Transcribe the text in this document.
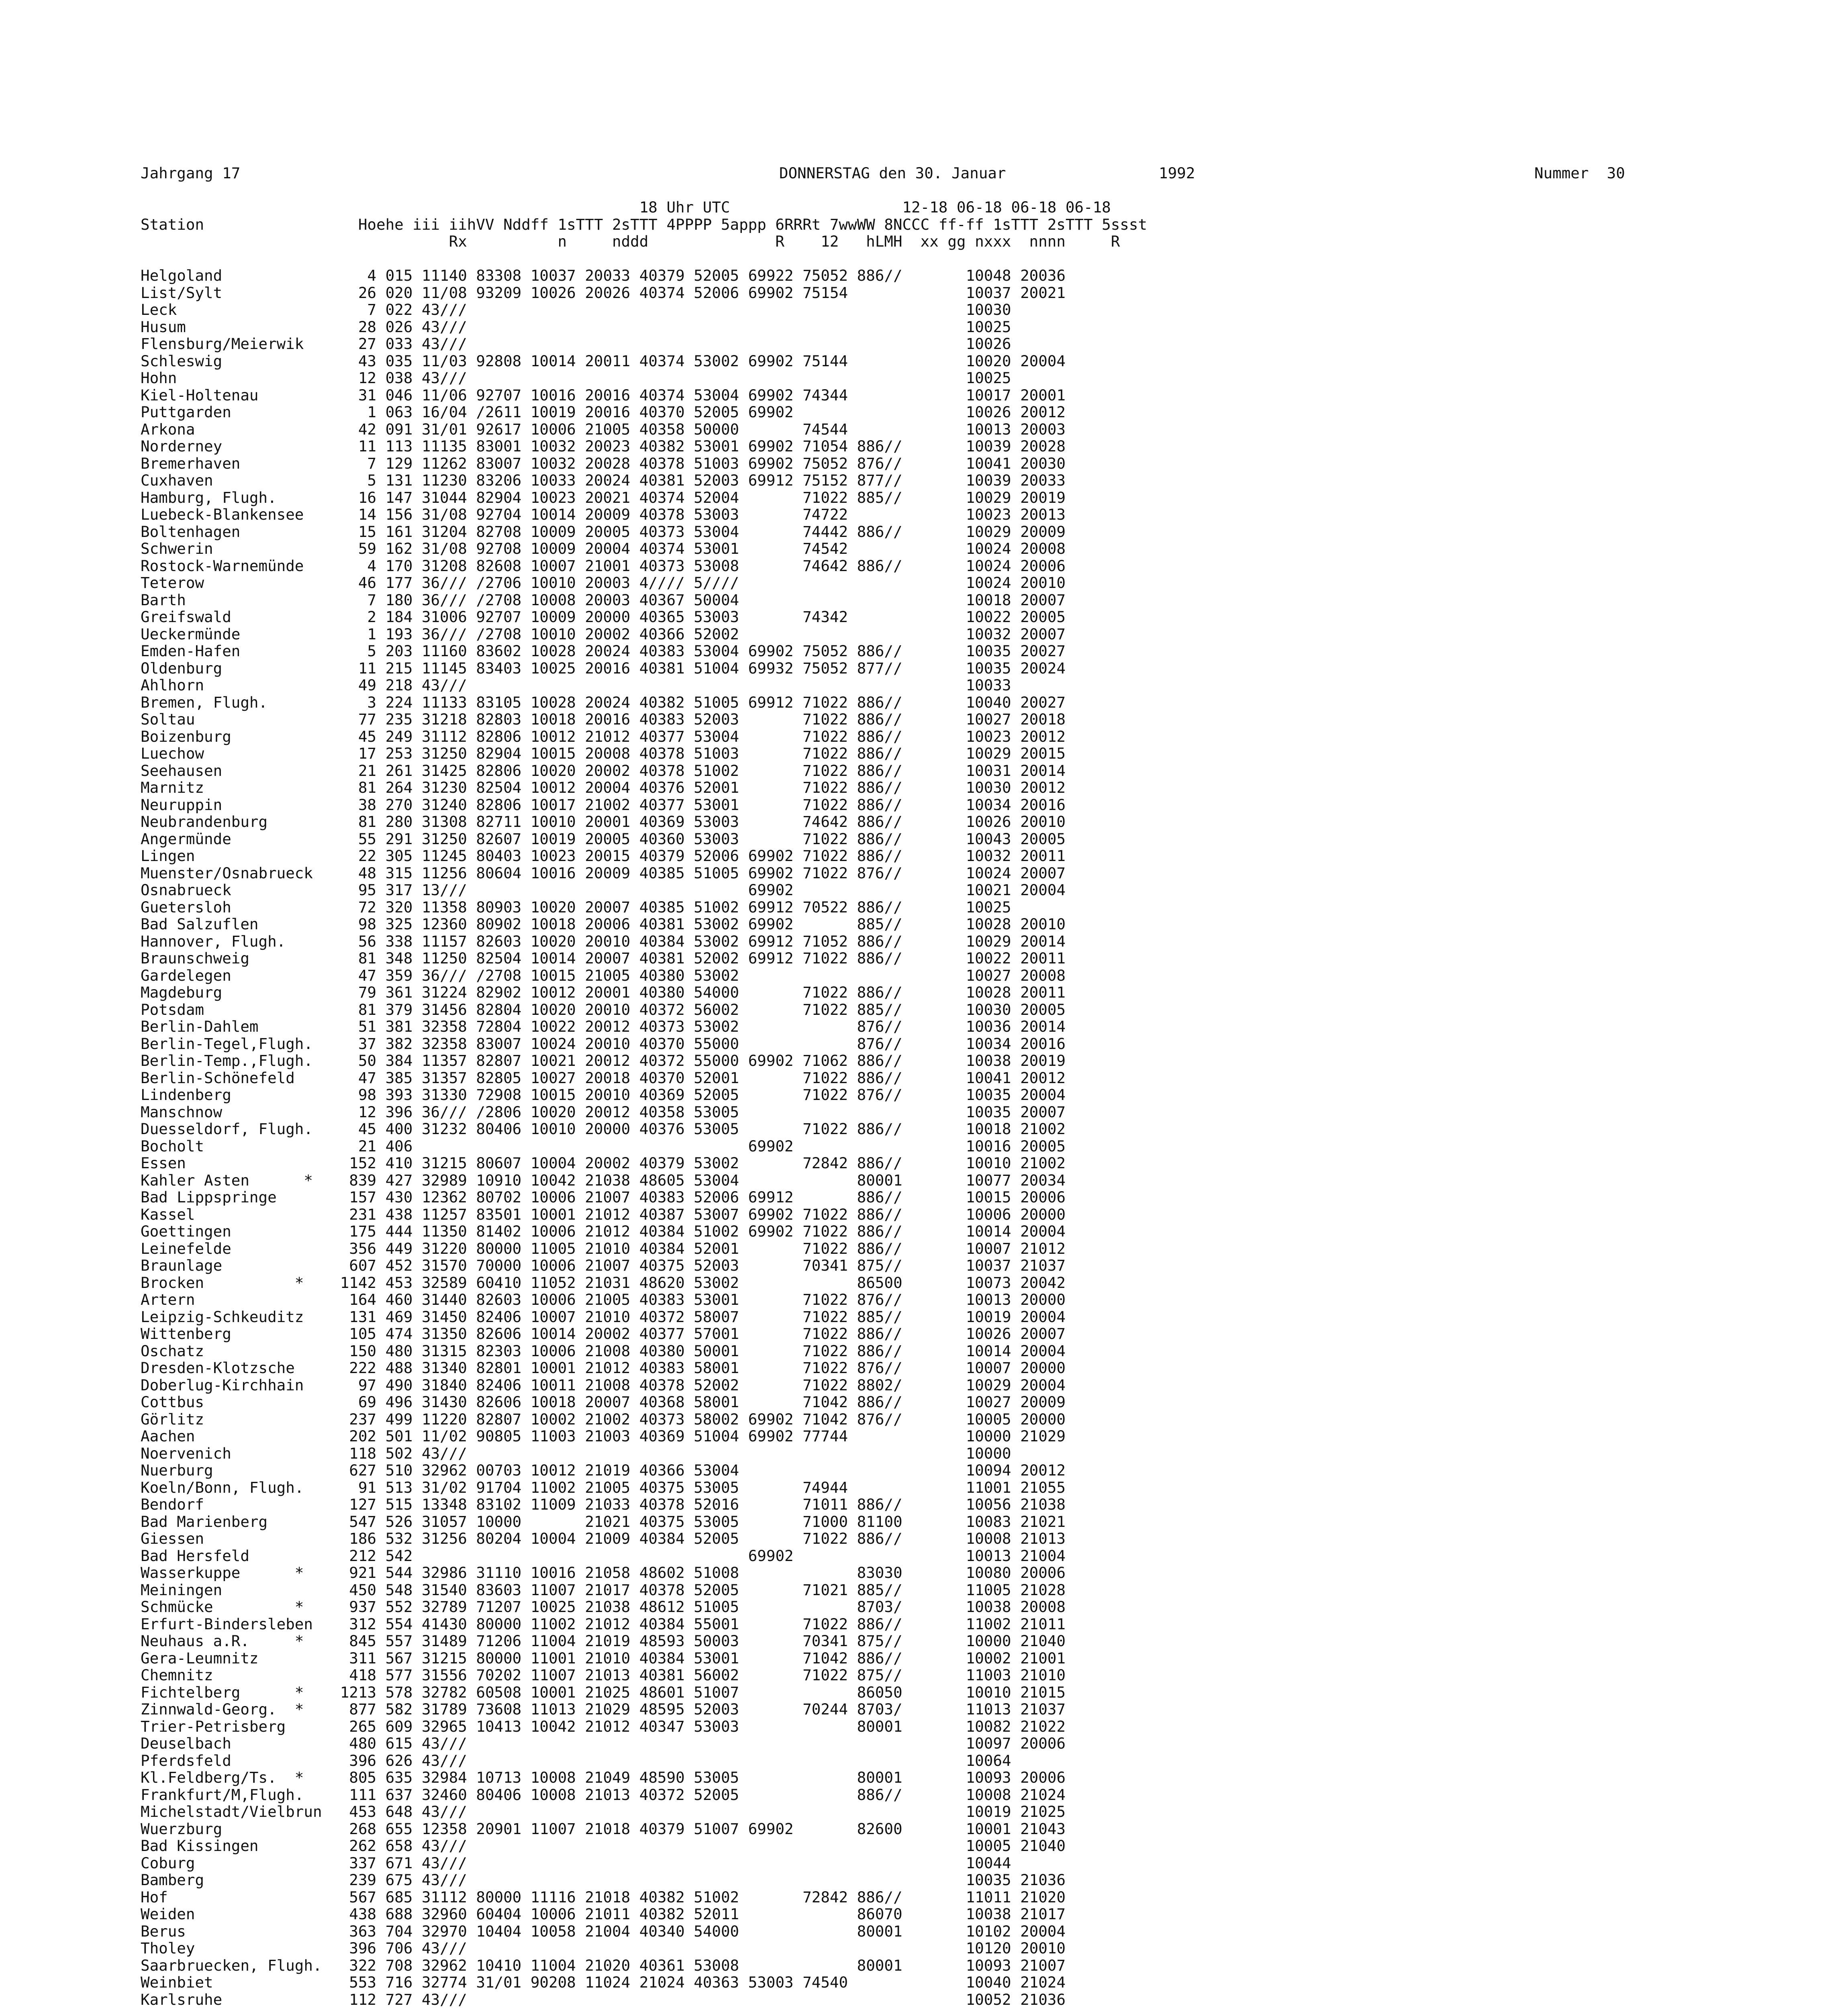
Jahrgang 17	DONNERSTAG den 30. Januar	1992	Nummer  30
18 Uhr UTC                   12-18 06-18 06-18 06-18
Station                 Hoehe iii iihVV Nddff 1sTTT 2sTTT 4PPPP 5appp 6RRRt 7wwWW 8NCCC ff-ff 1sTTT 2sTTT 5ssst
Rx          n     nddd              R    12   hLMH  xx gg nxxx  nnnn     R
Helgoland                4 015 11140 83308 10037 20033 40379 52005 69922 75052 886//	10048 20036
List/Sylt               26 020 11/08 93209 10026 20026 40374 52006 69902 75154	10037 20021
Leck                     7 022 43///	10030
Husum                   28 026 43///	10025
Flensburg/Meierwik      27 033 43///	10026
Schleswig               43 035 11/03 92808 10014 20011 40374 53002 69902 75144	10020 20004
Hohn                    12 038 43///	10025
Kiel-Holtenau           31 046 11/06 92707 10016 20016 40374 53004 69902 74344	10017 20001
Puttgarden               1 063 16/04 /2611 10019 20016 40370 52005 69902	10026 20012
Arkona                  42 091 31/01 92617 10006 21005 40358 50000	74544	10013 20003
Norderney               11 113 11135 83001 10032 20023 40382 53001 69902 71054 886//	10039 20028
Bremerhaven              7 129 11262 83007 10032 20028 40378 51003 69902 75052 876//	10041 20030
Cuxhaven                 5 131 11230 83206 10033 20024 40381 52003 69912 75152 877//	10039 20033
Hamburg, Flugh.         16 147 31044 82904 10023 20021 40374 52004	71022 885//	10029 20019
Luebeck-Blankensee      14 156 31/08 92704 10014 20009 40378 53003	74722	10023 20013
Boltenhagen             15 161 31204 82708 10009 20005 40373 53004	74442 886//	10029 20009
Schwerin                59 162 31/08 92708 10009 20004 40374 53001	74542	10024 20008
Rostock-Warnemünde       4 170 31208 82608 10007 21001 40373 53008	74642 886//	10024 20006
Teterow                 46 177 36/// /2706 10010 20003 4//// 5////	10024 20010
Barth                    7 180 36/// /2708 10008 20003 40367 50004	10018 20007
Greifswald               2 184 31006 92707 10009 20000 40365 53003	74342	10022 20005
Ueckermünde              1 193 36/// /2708 10010 20002 40366 52002	10032 20007
Emden-Hafen              5 203 11160 83602 10028 20024 40383 53004 69902 75052 886//	10035 20027
Oldenburg               11 215 11145 83403 10025 20016 40381 51004 69932 75052 877//	10035 20024
Ahlhorn                 49 218 43///	10033
Bremen, Flugh.           3 224 11133 83105 10028 20024 40382 51005 69912 71022 886//	10040 20027
Soltau                  77 235 31218 82803 10018 20016 40383 52003	71022 886//	10027 20018
Boizenburg              45 249 31112 82806 10012 21012 40377 53004	71022 886//	10023 20012
Luechow                 17 253 31250 82904 10015 20008 40378 51003	71022 886//	10029 20015
Seehausen               21 261 31425 82806 10020 20002 40378 51002	71022 886//	10031 20014
Marnitz                 81 264 31230 82504 10012 20004 40376 52001	71022 886//	10030 20012
Neuruppin               38 270 31240 82806 10017 21002 40377 53001	71022 886//	10034 20016
Neubrandenburg          81 280 31308 82711 10010 20001 40369 53003	74642 886//	10026 20010
Angermünde              55 291 31250 82607 10019 20005 40360 53003	71022 886//	10043 20005
Lingen                  22 305 11245 80403 10023 20015 40379 52006 69902 71022 886//	10032 20011
Muenster/Osnabrueck     48 315 11256 80604 10016 20009 40385 51005 69902 71022 876//	10024 20007
Osnabrueck              95 317 13///	69902	10021 20004
Guetersloh              72 320 11358 80903 10020 20007 40385 51002 69912 70522 886//	10025
Bad Salzuflen           98 325 12360 80902 10018 20006 40381 53002 69902	885//	10028 20010
Hannover, Flugh.        56 338 11157 82603 10020 20010 40384 53002 69912 71052 886//	10029 20014
Braunschweig            81 348 11250 82504 10014 20007 40381 52002 69912 71022 886//	10022 20011
Gardelegen              47 359 36/// /2708 10015 21005 40380 53002	10027 20008
Magdeburg               79 361 31224 82902 10012 20001 40380 54000	71022 886//	10028 20011
Potsdam                 81 379 31456 82804 10020 20010 40372 56002	71022 885//	10030 20005
Berlin-Dahlem           51 381 32358 72804 10022 20012 40373 53002	876//	10036 20014
Berlin-Tegel,Flugh.     37 382 32358 83007 10024 20010 40370 55000	876//	10034 20016
Berlin-Temp.,Flugh.     50 384 11357 82807 10021 20012 40372 55000 69902 71062 886//	10038 20019
Berlin-Schönefeld       47 385 31357 82805 10027 20018 40370 52001	71022 886//	10041 20012
Lindenberg              98 393 31330 72908 10015 20010 40369 52005	71022 876//	10035 20004
Manschnow               12 396 36/// /2806 10020 20012 40358 53005	10035 20007
Duesseldorf, Flugh.     45 400 31232 80406 10010 20000 40376 53005	71022 886//	10018 21002
Bocholt                 21 406	69902	10016 20005
Essen                  152 410 31215 80607 10004 20002 40379 53002	72842 886//	10010 21002
Kahler Asten      *    839 427 32989 10910 10042 21038 48605 53004	80001	10077 20034
Bad Lippspringe        157 430 12362 80702 10006 21007 40383 52006 69912	886//	10015 20006
Kassel                 231 438 11257 83501 10001 21012 40387 53007 69902 71022 886//	10006 20000
Goettingen             175 444 11350 81402 10006 21012 40384 51002 69902 71022 886//	10014 20004
Leinefelde             356 449 31220 80000 11005 21010 40384 52001	71022 886//	10007 21012
Braunlage              607 452 31570 70000 10006 21007 40375 52003	70341 875//	10037 21037
Brocken          *    1142 453 32589 60410 11052 21031 48620 53002	86500	10073 20042
Artern                 164 460 31440 82603 10006 21005 40383 53001	71022 876//	10013 20000
Leipzig-Schkeuditz     131 469 31450 82406 10007 21010 40372 58007	71022 885//	10019 20004
Wittenberg             105 474 31350 82606 10014 20002 40377 57001	71022 886//	10026 20007
Oschatz                150 480 31315 82303 10006 21008 40380 50001	71022 886//	10014 20004
Dresden-Klotzsche      222 488 31340 82801 10001 21012 40383 58001	71022 876//	10007 20000
Doberlug-Kirchhain      97 490 31840 82406 10011 21008 40378 52002	71022 8802/	10029 20004
Cottbus                 69 496 31430 82606 10018 20007 40368 58001	71042 886//	10027 20009
Görlitz                237 499 11220 82807 10002 21002 40373 58002 69902 71042 876//	10005 20000
Aachen                 202 501 11/02 90805 11003 21003 40369 51004 69902 77744	10000 21029
Noervenich             118 502 43///	10000
Nuerburg               627 510 32962 00703 10012 21019 40366 53004	10094 20012
Koeln/Bonn, Flugh.      91 513 31/02 91704 11002 21005 40375 53005	74944	11001 21055
Bendorf                127 515 13348 83102 11009 21033 40378 52016	71011 886//	10056 21038
Bad Marienberg         547 526 31057 10000	21021 40375 53005	71000 81100	10083 21021
Giessen                186 532 31256 80204 10004 21009 40384 52005	71022 886//	10008 21013
Bad Hersfeld           212 542	69902	10013 21004
Wasserkuppe      *     921 544 32986 31110 10016 21058 48602 51008	83030	10080 20006
Meiningen              450 548 31540 83603 11007 21017 40378 52005	71021 885//	11005 21028
Schmücke         *     937 552 32789 71207 10025 21038 48612 51005	8703/	10038 20008
Erfurt-Bindersleben    312 554 41430 80000 11002 21012 40384 55001	71022 886//	11002 21011
Neuhaus a.R.     *     845 557 31489 71206 11004 21019 48593 50003	70341 875//	10000 21040
Gera-Leumnitz          311 567 31215 80000 11001 21010 40384 53001	71042 886//	10002 21001
Chemnitz               418 577 31556 70202 11007 21013 40381 56002	71022 875//	11003 21010
Fichtelberg      *    1213 578 32782 60508 10001 21025 48601 51007	86050	10010 21015
Zinnwald-Georg.  *     877 582 31789 73608 11013 21029 48595 52003	70244 8703/	11013 21037
Trier-Petrisberg       265 609 32965 10413 10042 21012 40347 53003	80001	10082 21022
Deuselbach             480 615 43///	10097 20006
Pferdsfeld             396 626 43///	10064
Kl.Feldberg/Ts.  *     805 635 32984 10713 10008 21049 48590 53005	80001	10093 20006
Frankfurt/M,Flugh.     111 637 32460 80406 10008 21013 40372 52005	886//	10008 21024
Michelstadt/Vielbrun   453 648 43///	10019 21025
Wuerzburg              268 655 12358 20901 11007 21018 40379 51007 69902	82600	10001 21043
Bad Kissingen          262 658 43///	10005 21040
Coburg                 337 671 43///	10044
Bamberg                239 675 43///	10035 21036
Hof                    567 685 31112 80000 11116 21018 40382 51002	72842 886//	11011 21020
Weiden                 438 688 32960 60404 10006 21011 40382 52011	86070	10038 21017
Berus                  363 704 32970 10404 10058 21004 40340 54000	80001	10102 20004
Tholey                 396 706 43///	10120 20010
Saarbruecken, Flugh.   322 708 32962 10410 11004 21020 40361 53008	80001	10093 21007
Weinbiet               553 716 32774 31/01 90208 11024 21024 40363 53003 74540	10040 21024
Karlsruhe              112 727 43///	10052 21036
